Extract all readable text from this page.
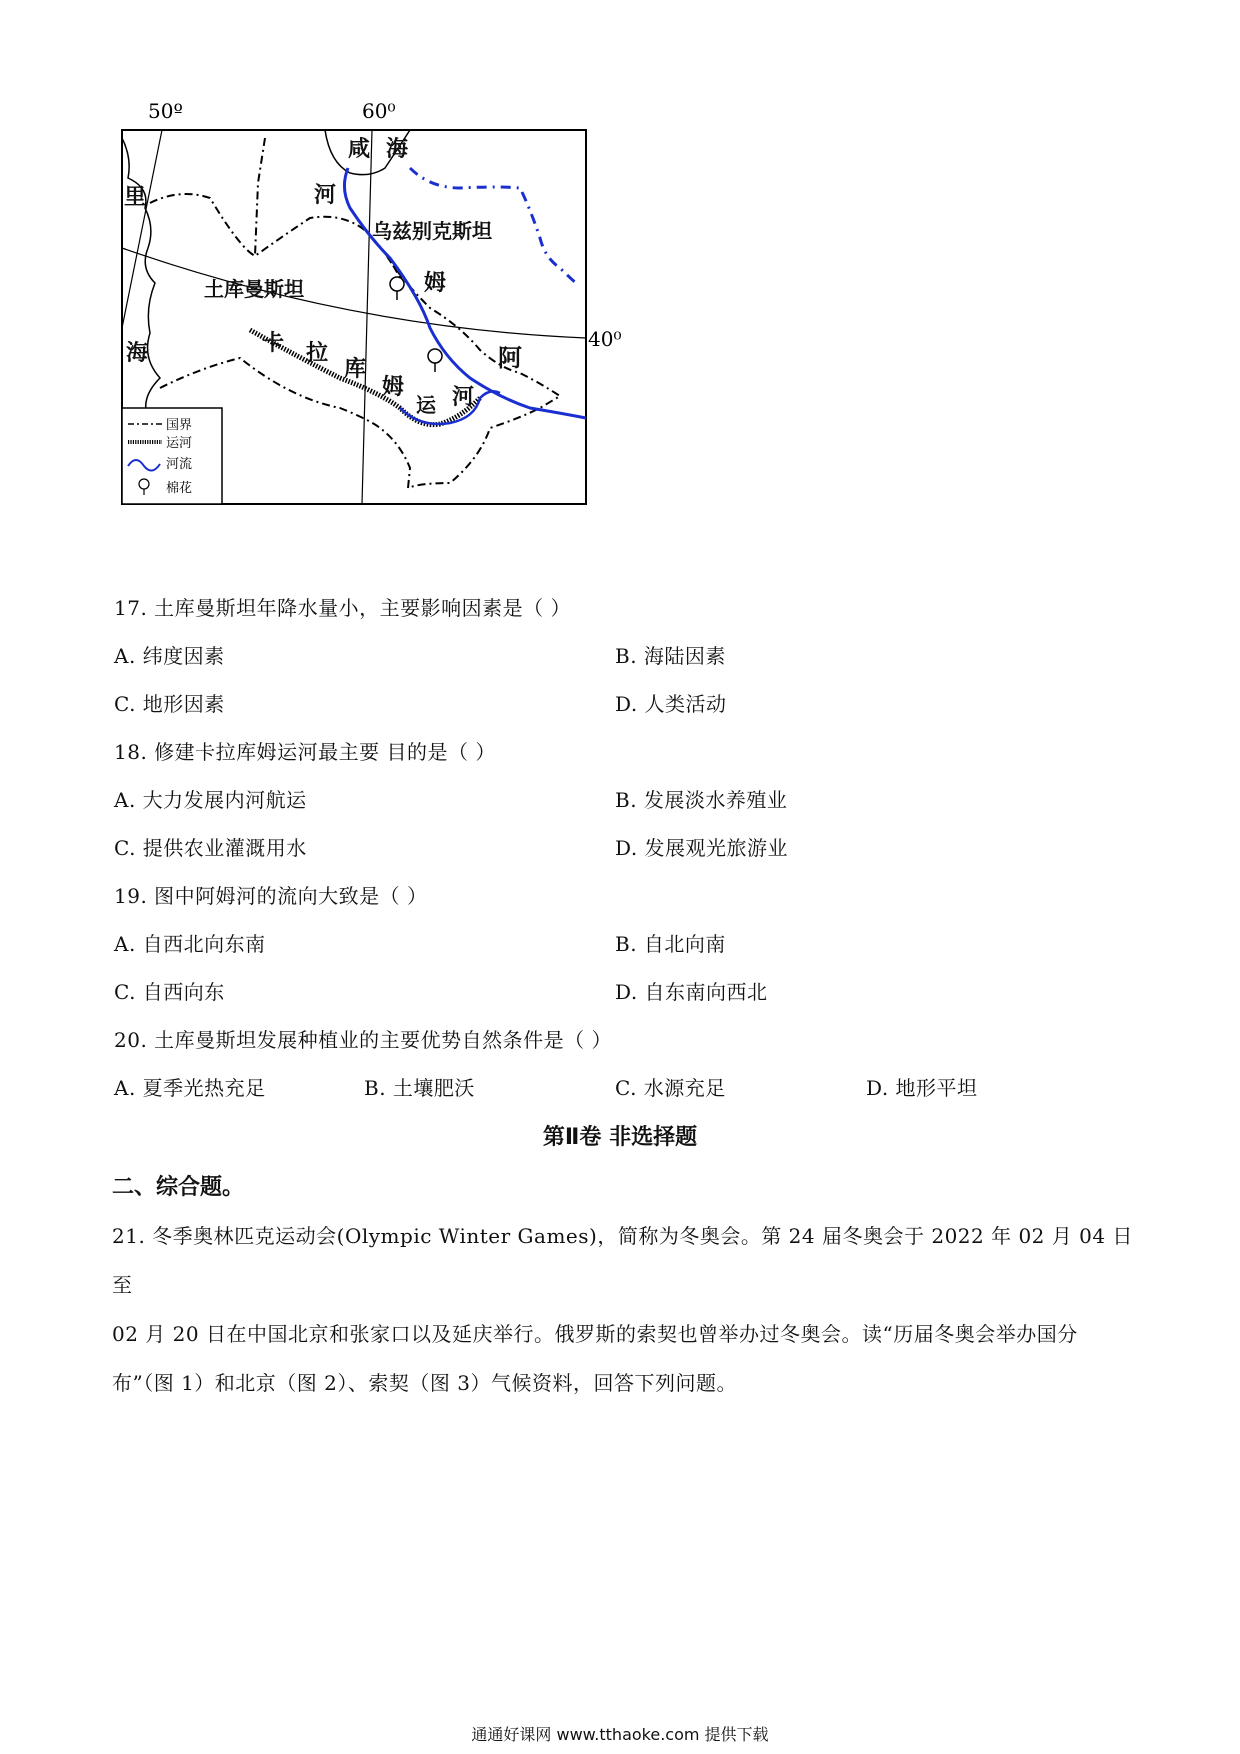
50º	60⁰
40⁰
咸 海
里	河
乌兹别克斯坦
姆
土库曼斯坦
海	卡 拉
库
姆
运 河
阿
国界
运河
河流
棉花
17. 土库曼斯坦年降水量小，主要影响因素是（ ）
A. 纬度因素	B. 海陆因素
C. 地形因素	D. 人类活动
18. 修建卡拉库姆运河最主要 目的是（ ）
A. 大力发展内河航运	B. 发展淡水养殖业
C. 提供农业灌溉用水	D. 发展观光旅游业
19. 图中阿姆河的流向大致是（ ）
A. 自西北向东南	B. 自北向南
C. 自西向东	D. 自东南向西北
20. 土库曼斯坦发展种植业的主要优势自然条件是（ ）
A. 夏季光热充足	B. 土壤肥沃	C. 水源充足	D. 地形平坦
第Ⅱ卷 非选择题
二、综合题。
21. 冬季奥林匹克运动会(Olympic Winter Games)，简称为冬奥会。第 24 届冬奥会于 2022 年 02 月 04 日至
02 月 20 日在中国北京和张家口以及延庆举行。俄罗斯的索契也曾举办过冬奥会。读“历届冬奥会举办国分
布”（图 1）和北京（图 2）、索契（图 3）气候资料，回答下列问题。
通通好课网 www.tthaoke.com 提供下载
